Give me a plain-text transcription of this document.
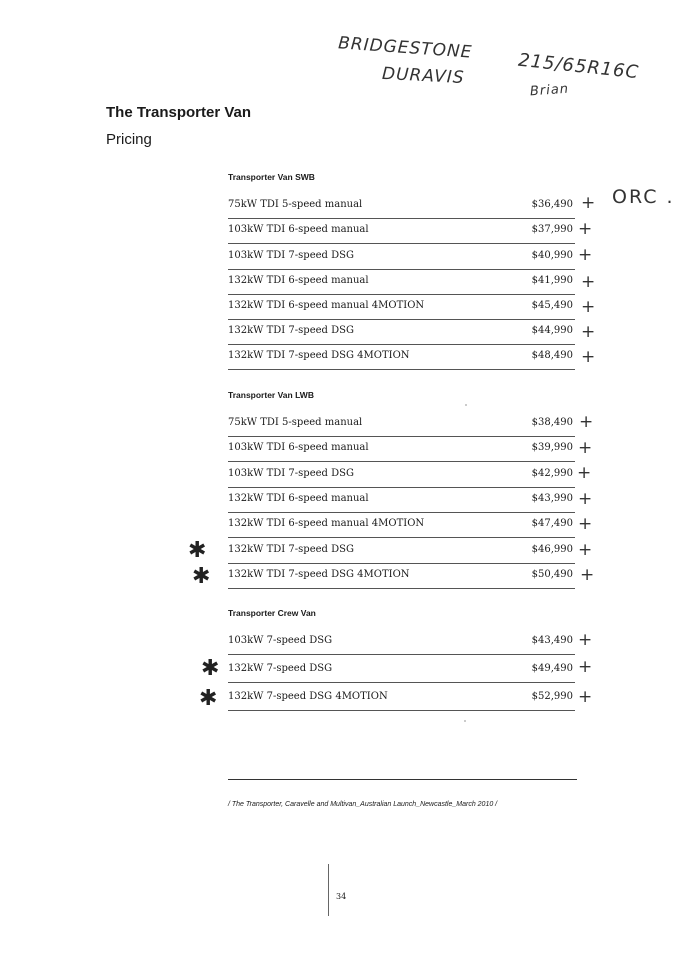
BRIDGESTONE
DURAVIS	215/65R16C
Brian
ORC .
The Transporter Van
Pricing
Transporter Van SWB
75kW TDI 5-speed manual	$36,490
103kW TDI 6-speed manual	$37,990
103kW TDI 7-speed DSG	$40,990
132kW TDI 6-speed manual	$41,990
132kW TDI 6-speed manual 4MOTION	$45,490
132kW TDI 7-speed DSG	$44,990
132kW TDI 7-speed DSG 4MOTION	$48,490
Transporter Van LWB
75kW TDI 5-speed manual	$38,490
103kW TDI 6-speed manual	$39,990
103kW TDI 7-speed DSG	$42,990
132kW TDI 6-speed manual	$43,990
132kW TDI 6-speed manual 4MOTION	$47,490
132kW TDI 7-speed DSG	$46,990
132kW TDI 7-speed DSG 4MOTION	$50,490
Transporter Crew Van
103kW 7-speed DSG	$43,490
132kW 7-speed DSG	$49,490
132kW 7-speed DSG 4MOTION	$52,990
+
+
+
+
+
+
+
+
+
+
+
+
+
+
+
+
+
✱
✱
✱
✱
/ The Transporter, Caravelle and Multivan_Australian Launch_Newcastle_March 2010 /
34
